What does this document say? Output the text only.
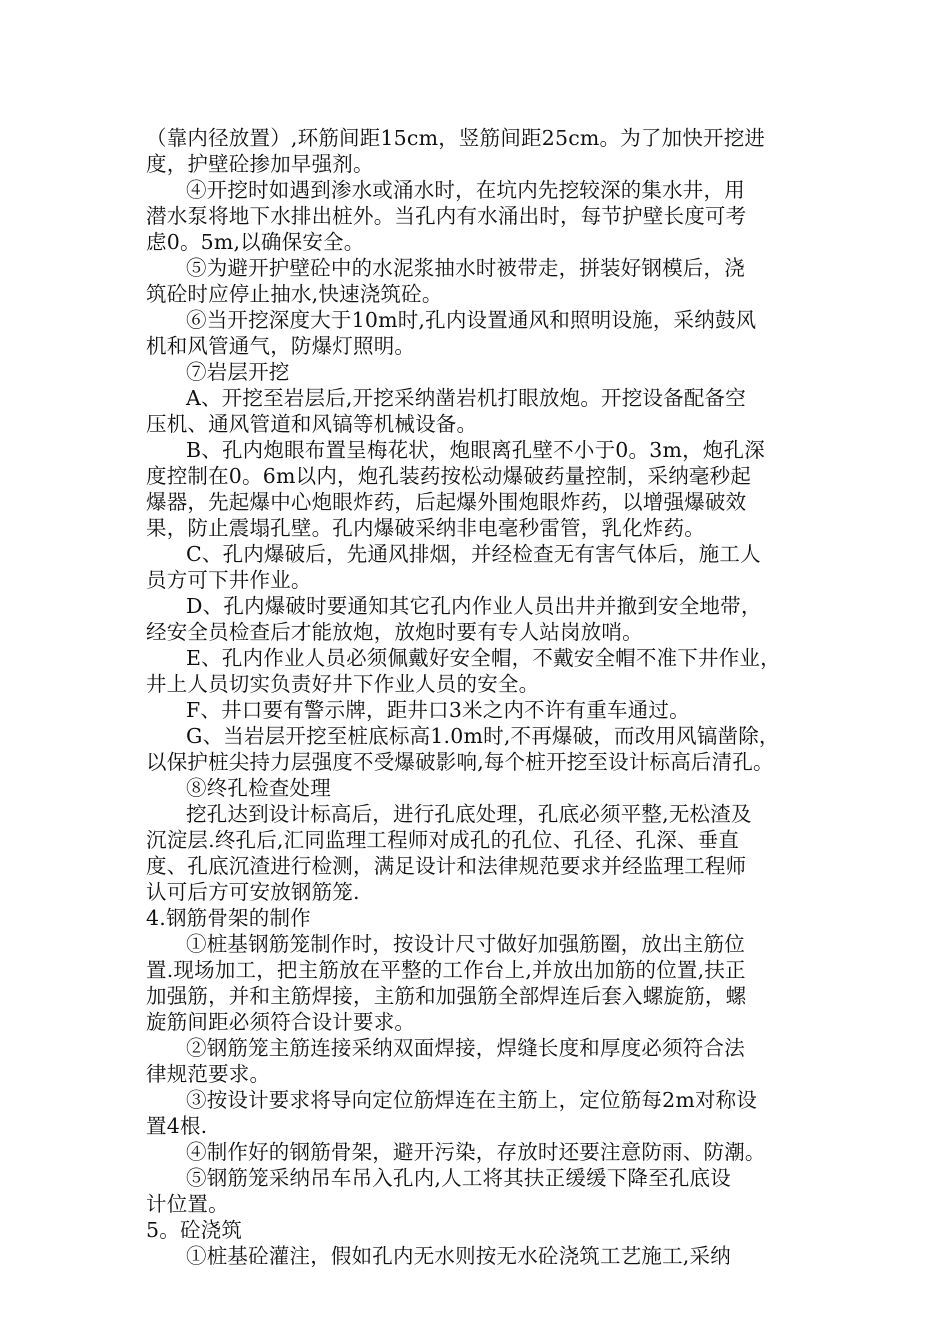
（靠内径放置）,环筋间距15cm，竖筋间距25cm。为了加快开挖进
度，护壁砼掺加早强剂。
④开挖时如遇到渗水或涌水时，在坑内先挖较深的集水井，用
潜水泵将地下水排出桩外。当孔内有水涌出时，每节护壁长度可考
虑0。5m,以确保安全。
⑤为避开护壁砼中的水泥浆抽水时被带走，拼装好钢模后，浇
筑砼时应停止抽水,快速浇筑砼。
⑥当开挖深度大于10m时,孔内设置通风和照明设施，采纳鼓风
机和风管通气，防爆灯照明。
⑦岩层开挖
A、开挖至岩层后,开挖采纳凿岩机打眼放炮。开挖设备配备空
压机、通风管道和风镐等机械设备。
B、孔内炮眼布置呈梅花状，炮眼离孔壁不小于0。3m，炮孔深
度控制在0。6m以内，炮孔装药按松动爆破药量控制，采纳毫秒起
爆器，先起爆中心炮眼炸药，后起爆外围炮眼炸药，以增强爆破效
果，防止震塌孔壁。孔内爆破采纳非电毫秒雷管，乳化炸药。
C、孔内爆破后，先通风排烟，并经检查无有害气体后，施工人
员方可下井作业。
D、孔内爆破时要通知其它孔内作业人员出井并撤到安全地带，
经安全员检查后才能放炮，放炮时要有专人站岗放哨。
E、孔内作业人员必须佩戴好安全帽，不戴安全帽不准下井作业，
井上人员切实负责好井下作业人员的安全。
F、井口要有警示牌，距井口3米之内不许有重车通过。
G、当岩层开挖至桩底标高1.0m时,不再爆破，而改用风镐凿除，
以保护桩尖持力层强度不受爆破影响,每个桩开挖至设计标高后清孔。
⑧终孔检查处理
挖孔达到设计标高后，进行孔底处理，孔底必须平整,无松渣及
沉淀层.终孔后,汇同监理工程师对成孔的孔位、孔径、孔深、垂直
度、孔底沉渣进行检测，满足设计和法律规范要求并经监理工程师
认可后方可安放钢筋笼.
4.钢筋骨架的制作
①桩基钢筋笼制作时，按设计尺寸做好加强筋圈，放出主筋位
置.现场加工，把主筋放在平整的工作台上,并放出加筋的位置,扶正
加强筋，并和主筋焊接，主筋和加强筋全部焊连后套入螺旋筋，螺
旋筋间距必须符合设计要求。
②钢筋笼主筋连接采纳双面焊接，焊缝长度和厚度必须符合法
律规范要求。
③按设计要求将导向定位筋焊连在主筋上，定位筋每2m对称设
置4根.
④制作好的钢筋骨架，避开污染，存放时还要注意防雨、防潮。
⑤钢筋笼采纳吊车吊入孔内,人工将其扶正缓缓下降至孔底设
计位置。
5。砼浇筑
①桩基砼灌注，假如孔内无水则按无水砼浇筑工艺施工,采纳
